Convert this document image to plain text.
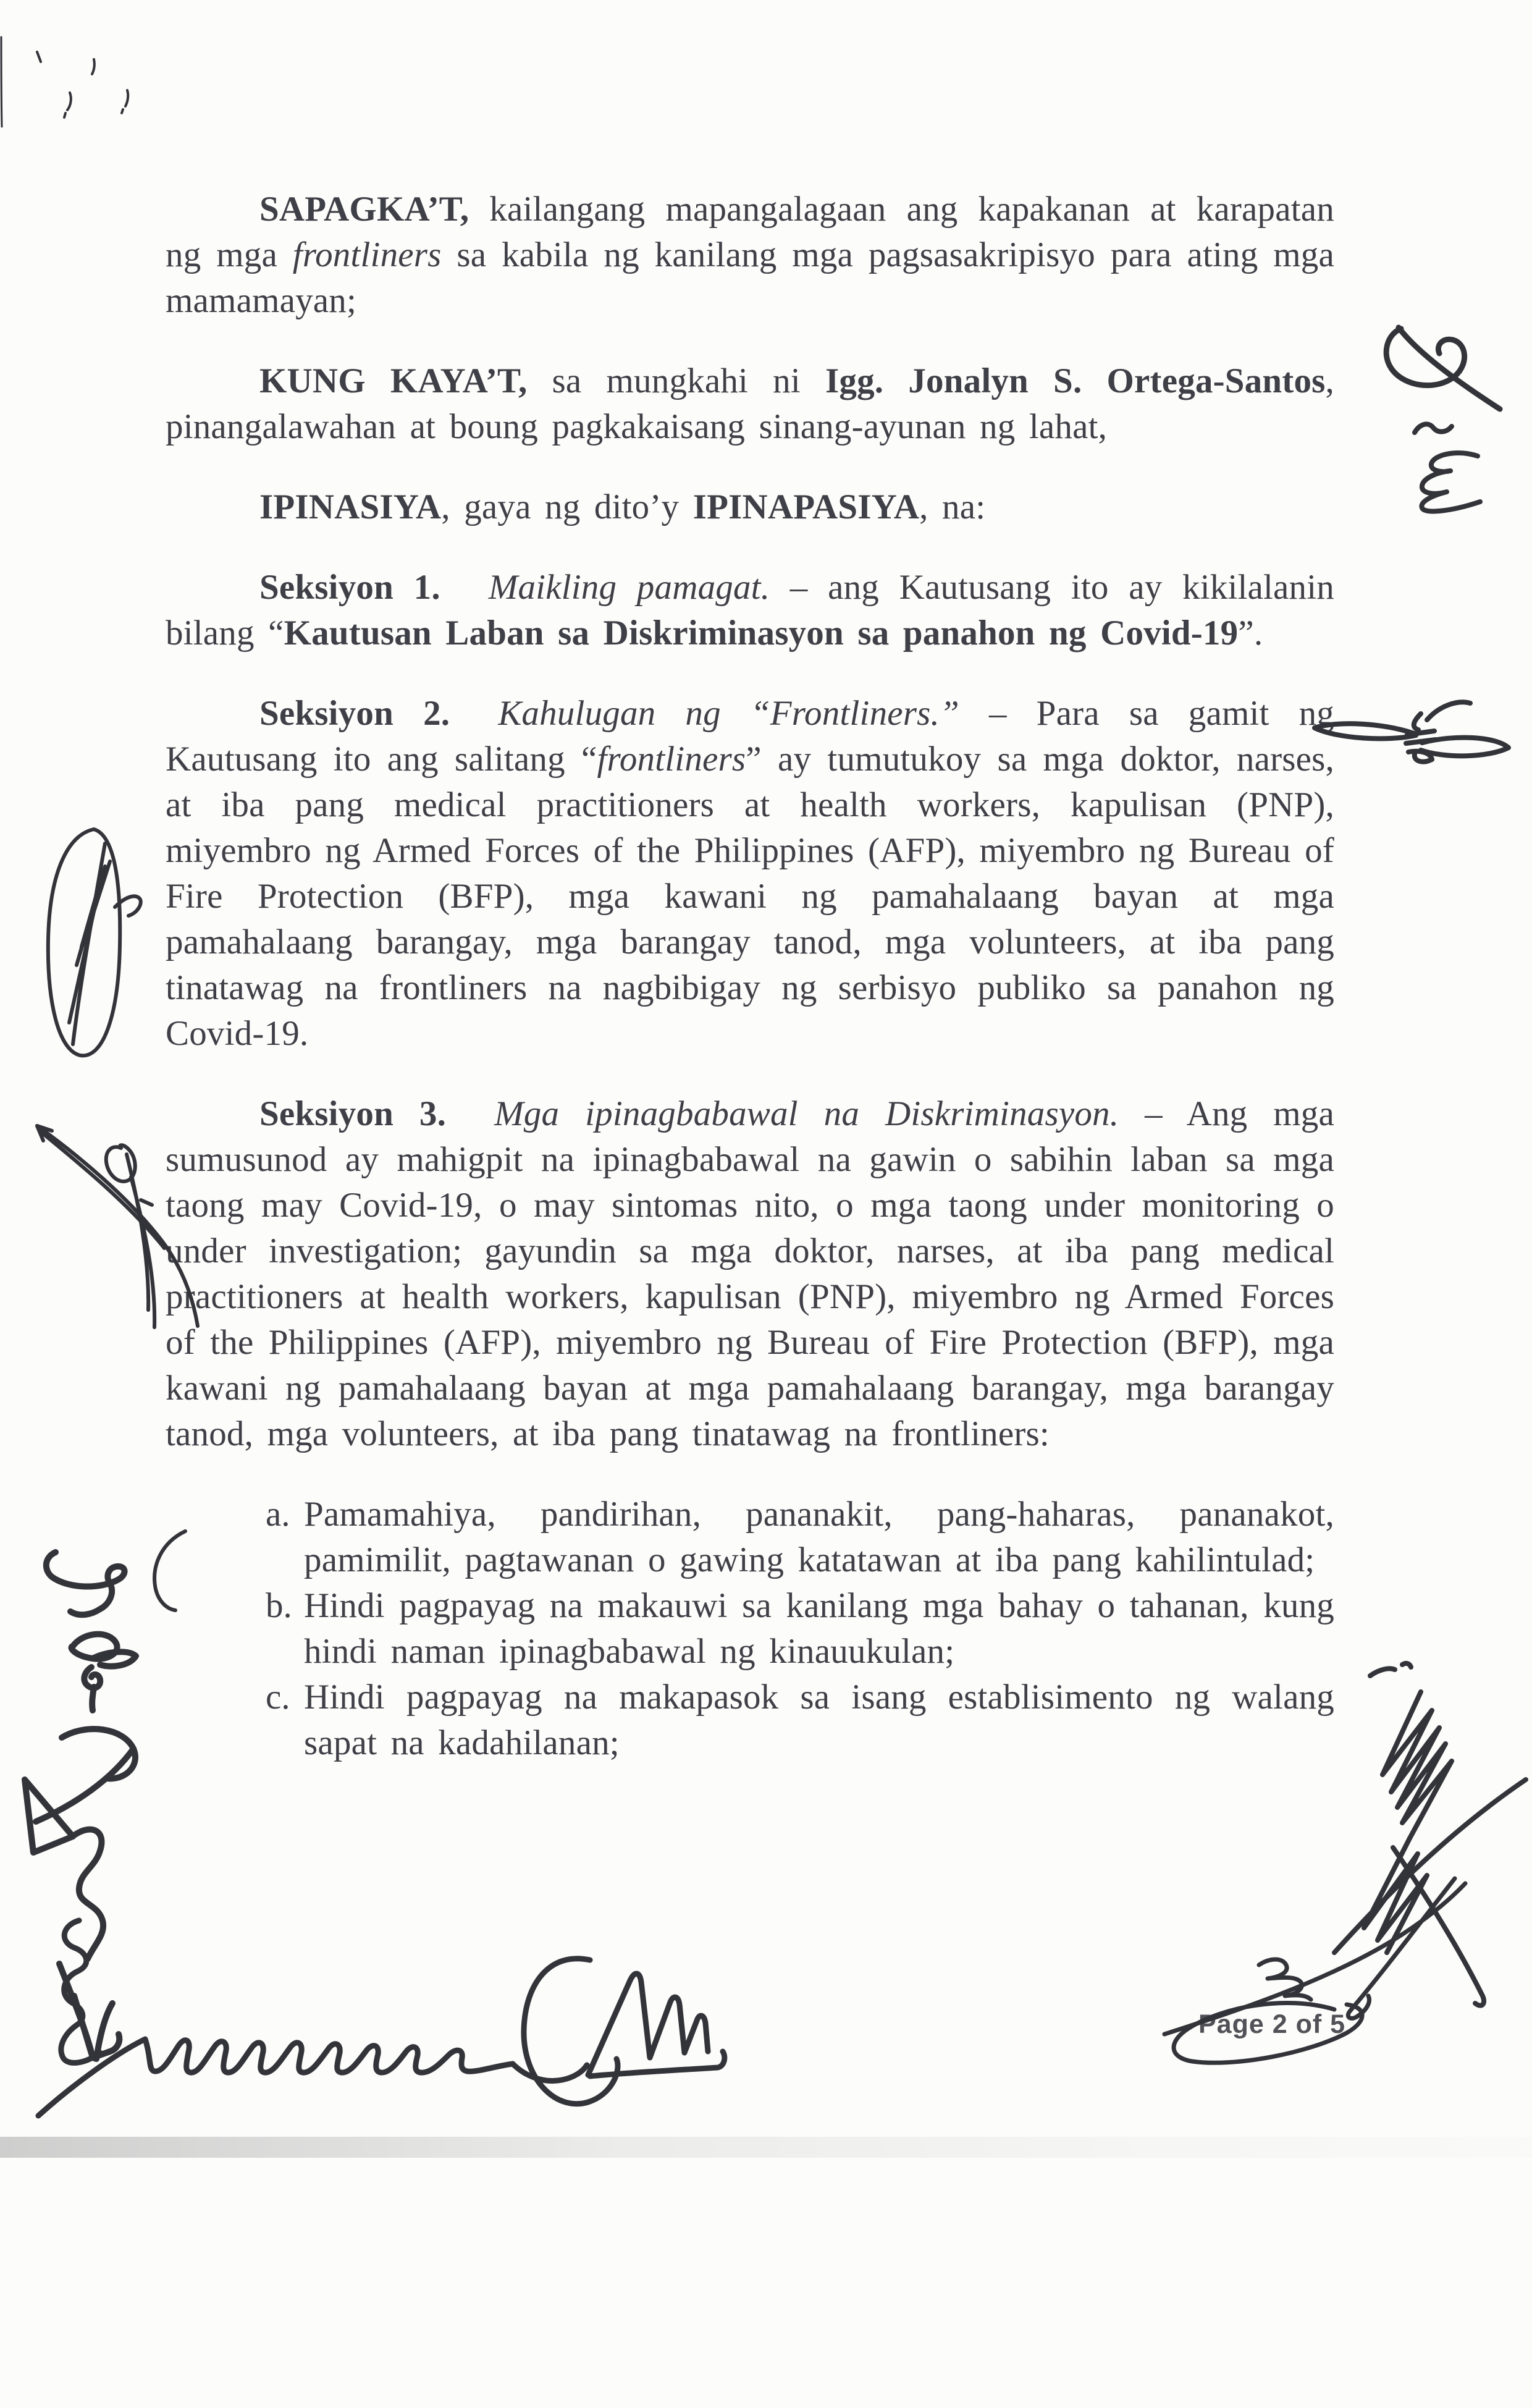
SAPAGKA’T, kailangang mapangalagaan ang kapakanan at karapatan ng mga frontliners sa kabila ng kanilang mga pagsasakripisyo para ating mga mamamayan;

KUNG KAYA’T, sa mungkahi ni Igg. Jonalyn S. Ortega-Santos, pinangalawahan at boung pagkakaisang sinang-ayunan ng lahat,

IPINASIYA, gaya ng dito’y IPINAPASIYA, na:

Seksiyon 1. Maikling pamagat. – ang Kautusang ito ay kikilalanin bilang “Kautusan Laban sa Diskriminasyon sa panahon ng Covid-19”.

Seksiyon 2. Kahulugan ng “Frontliners.” – Para sa gamit ng Kautusang ito ang salitang “frontliners” ay tumutukoy sa mga doktor, narses, at iba pang medical practitioners at health workers, kapulisan (PNP), miyembro ng Armed Forces of the Philippines (AFP), miyembro ng Bureau of Fire Protection (BFP), mga kawani ng pamahalaang bayan at mga pamahalaang barangay, mga barangay tanod, mga volunteers, at iba pang tinatawag na frontliners na nagbibigay ng serbisyo publiko sa panahon ng Covid-19.

Seksiyon 3. Mga ipinagbabawal na Diskriminasyon. – Ang mga sumusunod ay mahigpit na ipinagbabawal na gawin o sabihin laban sa mga taong may Covid-19, o may sintomas nito, o mga taong under monitoring o under investigation; gayundin sa mga doktor, narses, at iba pang medical practitioners at health workers, kapulisan (PNP), miyembro ng Armed Forces of the Philippines (AFP), miyembro ng Bureau of Fire Protection (BFP), mga kawani ng pamahalaang bayan at mga pamahalaang barangay, mga barangay tanod, mga volunteers, at iba pang tinatawag na frontliners:

a. Pamamahiya, pandirihan, pananakit, pang-haharas, pananakot, pamimilit, pagtawanan o gawing katatawan at iba pang kahilintulad;
b. Hindi pagpayag na makauwi sa kanilang mga bahay o tahanan, kung hindi naman ipinagbabawal ng kinauukulan;
c. Hindi pagpayag na makapasok sa isang establisimento ng walang sapat na kadahilanan;
Page 2 of 5
